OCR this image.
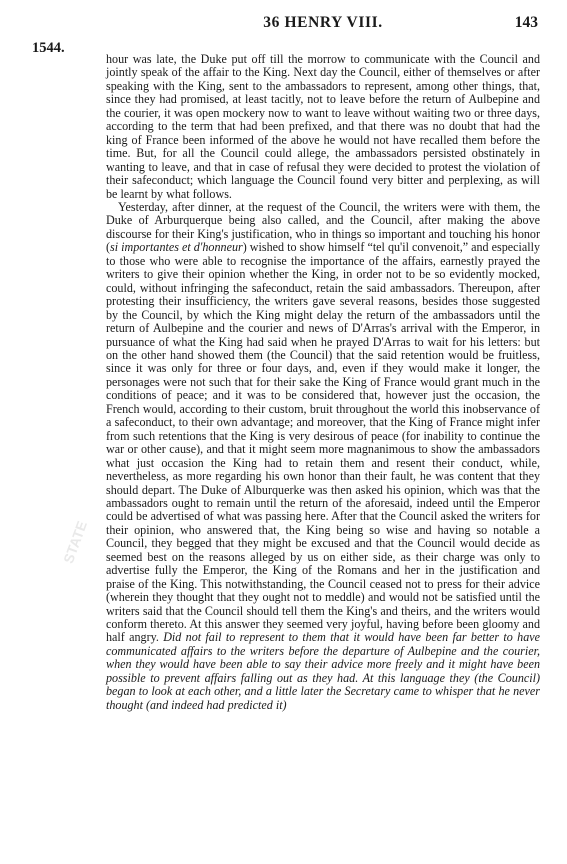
36 HENRY VIII.	143
1544.

hour was late, the Duke put off till the morrow to communicate with the Council and jointly speak of the affair to the King. Next day the Council, either of themselves or after speaking with the King, sent to the ambassadors to represent, among other things, that, since they had promised, at least tacitly, not to leave before the return of Aulbepine and the courier, it was open mockery now to want to leave without waiting two or three days, according to the term that had been prefixed, and that there was no doubt that had the king of France been informed of the above he would not have recalled them before the time. But, for all the Council could allege, the ambassadors persisted obstinately in wanting to leave, and that in case of refusal they were decided to protest the violation of their safeconduct; which language the Council found very bitter and perplexing, as will be learnt by what follows.

Yesterday, after dinner, at the request of the Council, the writers were with them, the Duke of Arburquerque being also called, and the Council, after making the above discourse for their King's justification, who in things so important and touching his honor (si importantes et d'honneur) wished to show himself “tel qu'il convenoit,” and especially to those who were able to recognise the importance of the affairs, earnestly prayed the writers to give their opinion whether the King, in order not to be so evidently mocked, could, without infringing the safeconduct, retain the said ambassadors. Thereupon, after protesting their insufficiency, the writers gave several reasons, besides those suggested by the Council, by which the King might delay the return of the ambassadors until the return of Aulbepine and the courier and news of D'Arras's arrival with the Emperor, in pursuance of what the King had said when he prayed D'Arras to wait for his letters: but on the other hand showed them (the Council) that the said retention would be fruitless, since it was only for three or four days, and, even if they would make it longer, the personages were not such that for their sake the King of France would grant much in the conditions of peace; and it was to be considered that, however just the occasion, the French would, according to their custom, bruit throughout the world this inobservance of a safeconduct, to their own advantage; and moreover, that the King of France might infer from such retentions that the King is very desirous of peace (for inability to continue the war or other cause), and that it might seem more magnanimous to show the ambassadors what just occasion the King had to retain them and resent their conduct, while, nevertheless, as more regarding his own honor than their fault, he was content that they should depart. The Duke of Alburquerke was then asked his opinion, which was that the ambassadors ought to remain until the return of the aforesaid, indeed until the Emperor could be advertised of what was passing here. After that the Council asked the writers for their opinion, who answered that, the King being so wise and having so notable a Council, they begged that they might be excused and that the Council would decide as seemed best on the reasons alleged by us on either side, as their charge was only to advertise fully the Emperor, the King of the Romans and her in the justification and praise of the King. This notwithstanding, the Council ceased not to press for their advice (wherein they thought that they ought not to meddle) and would not be satisfied until the writers said that the Council should tell them the King's and theirs, and the writers would conform thereto. At this answer they seemed very joyful, having before been gloomy and half angry. Did not fail to represent to them that it would have been far better to have communicated affairs to the writers before the departure of Aulbepine and the courier, when they would have been able to say their advice more freely and it might have been possible to prevent affairs falling out as they had. At this language they (the Council) began to look at each other, and a little later the Secretary came to whisper that he never thought (and indeed had predicted it)

STATE
